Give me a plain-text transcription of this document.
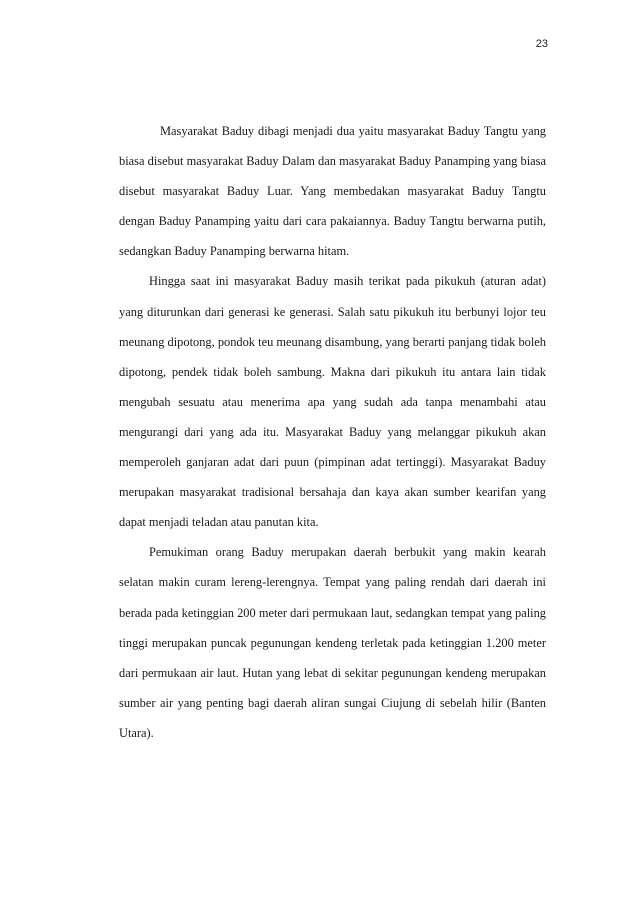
23

Masyarakat Baduy dibagi menjadi dua yaitu masyarakat Baduy Tangtu yang biasa disebut masyarakat Baduy Dalam dan masyarakat Baduy Panamping yang biasa disebut masyarakat Baduy Luar. Yang membedakan masyarakat Baduy Tangtu dengan Baduy Panamping yaitu dari cara pakaiannya. Baduy Tangtu berwarna putih, sedangkan Baduy Panamping berwarna hitam.

Hingga saat ini masyarakat Baduy masih terikat pada pikukuh (aturan adat) yang diturunkan dari generasi ke generasi. Salah satu pikukuh itu berbunyi lojor teu meunang dipotong, pondok teu meunang disambung, yang berarti panjang tidak boleh dipotong, pendek tidak boleh sambung. Makna dari pikukuh itu antara lain tidak mengubah sesuatu atau menerima apa yang sudah ada tanpa menambahi atau mengurangi dari yang ada itu. Masyarakat Baduy yang melanggar pikukuh akan memperoleh ganjaran adat dari puun (pimpinan adat tertinggi). Masyarakat Baduy merupakan masyarakat tradisional bersahaja dan kaya akan sumber kearifan yang dapat menjadi teladan atau panutan kita.

Pemukiman orang Baduy merupakan daerah berbukit yang makin kearah selatan makin curam lereng-lerengnya. Tempat yang paling rendah dari daerah ini berada pada ketinggian 200 meter dari permukaan laut, sedangkan tempat yang paling tinggi merupakan puncak pegunungan kendeng terletak pada ketinggian 1.200 meter dari permukaan air laut. Hutan yang lebat di sekitar pegunungan kendeng merupakan sumber air yang penting bagi daerah aliran sungai Ciujung di sebelah hilir (Banten Utara).
